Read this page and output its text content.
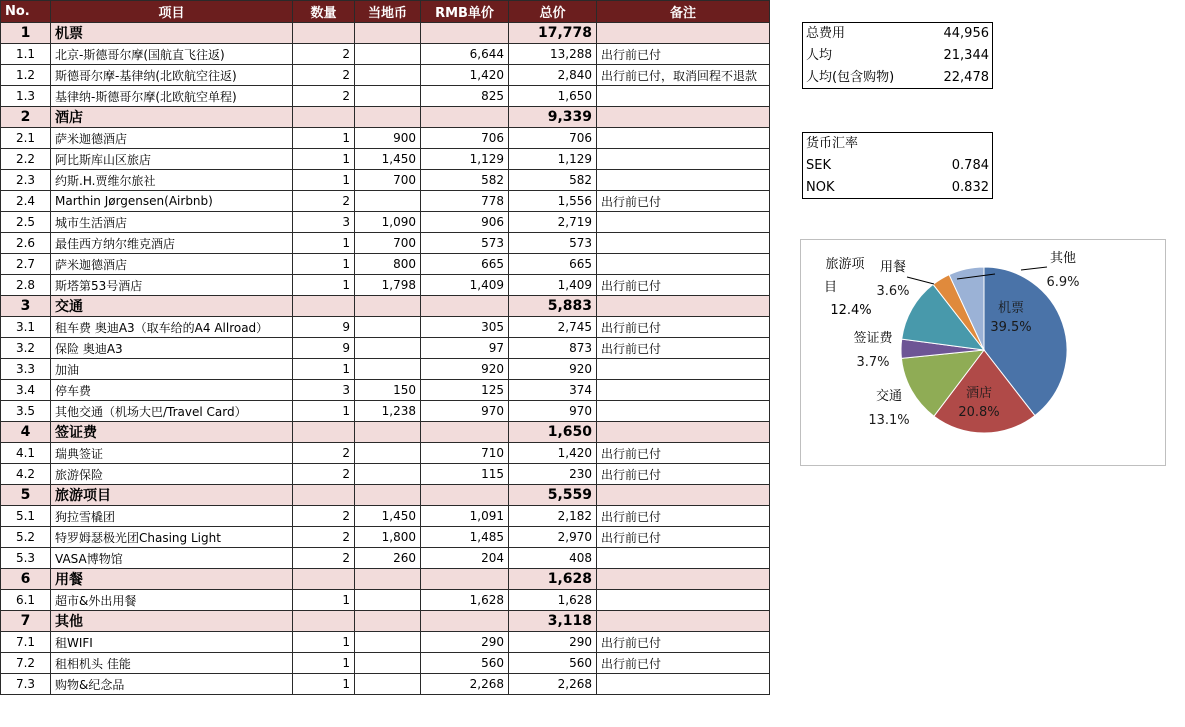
No.	项目	数量	当地币	RMB单价	总价	备注
1	机票				17,778	
1.1	北京-斯德哥尔摩(国航直飞往返)	2		6,644	13,288	出行前已付
1.2	斯德哥尔摩-基律纳(北欧航空往返)	2		1,420	2,840	出行前已付，取消回程不退款
1.3	基律纳-斯德哥尔摩(北欧航空单程)	2		825	1,650	
2	酒店				9,339	
2.1	萨米迦德酒店	1	900	706	706	
2.2	阿比斯库山区旅店	1	1,450	1,129	1,129	
2.3	约斯.H.贾维尔旅社	1	700	582	582	
2.4	Marthin Jørgensen(Airbnb)	2		778	1,556	出行前已付
2.5	城市生活酒店	3	1,090	906	2,719	
2.6	最佳西方纳尔维克酒店	1	700	573	573	
2.7	萨米迦德酒店	1	800	665	665	
2.8	斯塔第53号酒店	1	1,798	1,409	1,409	出行前已付
3	交通				5,883	
3.1	租车费 奥迪A3（取车给的A4 Allroad）	9		305	2,745	出行前已付
3.2	保险 奥迪A3	9		97	873	出行前已付
3.3	加油	1		920	920	
3.4	停车费	3	150	125	374	
3.5	其他交通（机场大巴/Travel Card）	1	1,238	970	970	
4	签证费				1,650	
4.1	瑞典签证	2		710	1,420	出行前已付
4.2	旅游保险	2		115	230	出行前已付
5	旅游项目				5,559	
5.1	狗拉雪橇团	2	1,450	1,091	2,182	出行前已付
5.2	特罗姆瑟极光团Chasing Light	2	1,800	1,485	2,970	出行前已付
5.3	VASA博物馆	2	260	204	408	
6	用餐				1,628	
6.1	超市&外出用餐	1		1,628	1,628	
7	其他				3,118	
7.1	租WIFI	1		290	290	出行前已付
7.2	租相机头 佳能	1		560	560	出行前已付
7.3	购物&纪念品	1		2,268	2,268	
总费用	44,956
人均	21,344
人均(包含购物)	22,478
货币汇率
SEK	0.784
NOK	0.832
机票
39.5%
酒店
20.8%
交通
13.1%
签证费
3.7%
旅游项
目
12.4%
用餐
3.6%
其他
6.9%
